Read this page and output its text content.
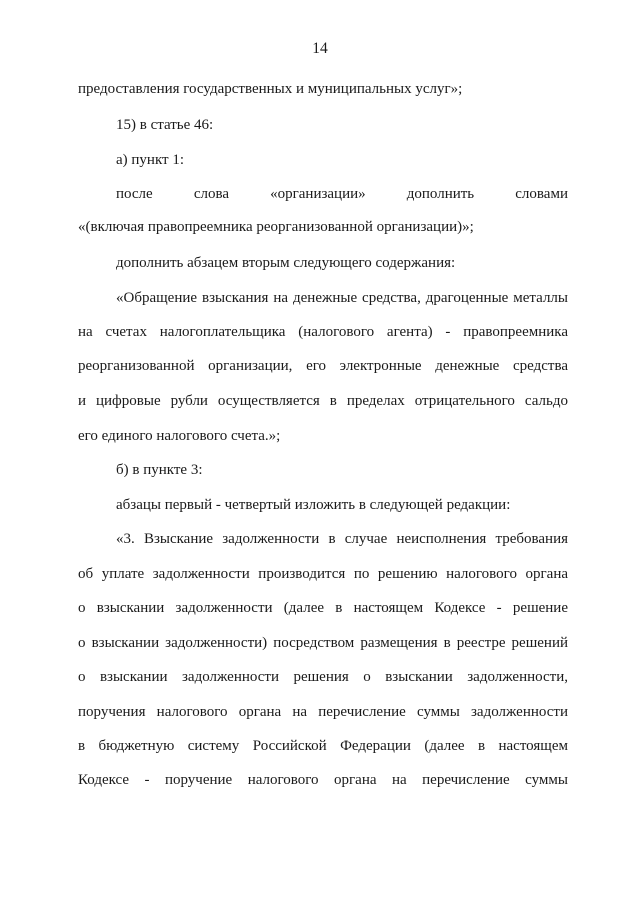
14
предоставления государственных и муниципальных услуг»;
15) в статье 46:
а) пункт 1:
после	слова	«организации»	дополнить	словами
«(включая правопреемника реорганизованной организации)»;
дополнить абзацем вторым следующего содержания:
«Обращение взыскания на денежные средства, драгоценные металлы
на счетах налогоплательщика (налогового агента) - правопреемника
реорганизованной организации, его электронные денежные средства
и цифровые рубли осуществляется в пределах отрицательного сальдо
его единого налогового счета.»;
б) в пункте 3:
абзацы первый - четвертый изложить в следующей редакции:
«3. Взыскание задолженности в случае неисполнения требования
об уплате задолженности производится по решению налогового органа
о взыскании задолженности (далее в настоящем Кодексе - решение
о взыскании задолженности) посредством размещения в реестре решений
о взыскании задолженности решения о взыскании задолженности,
поручения налогового органа на перечисление суммы задолженности
в бюджетную систему Российской Федерации (далее в настоящем
Кодексе - поручение налогового органа на перечисление суммы
